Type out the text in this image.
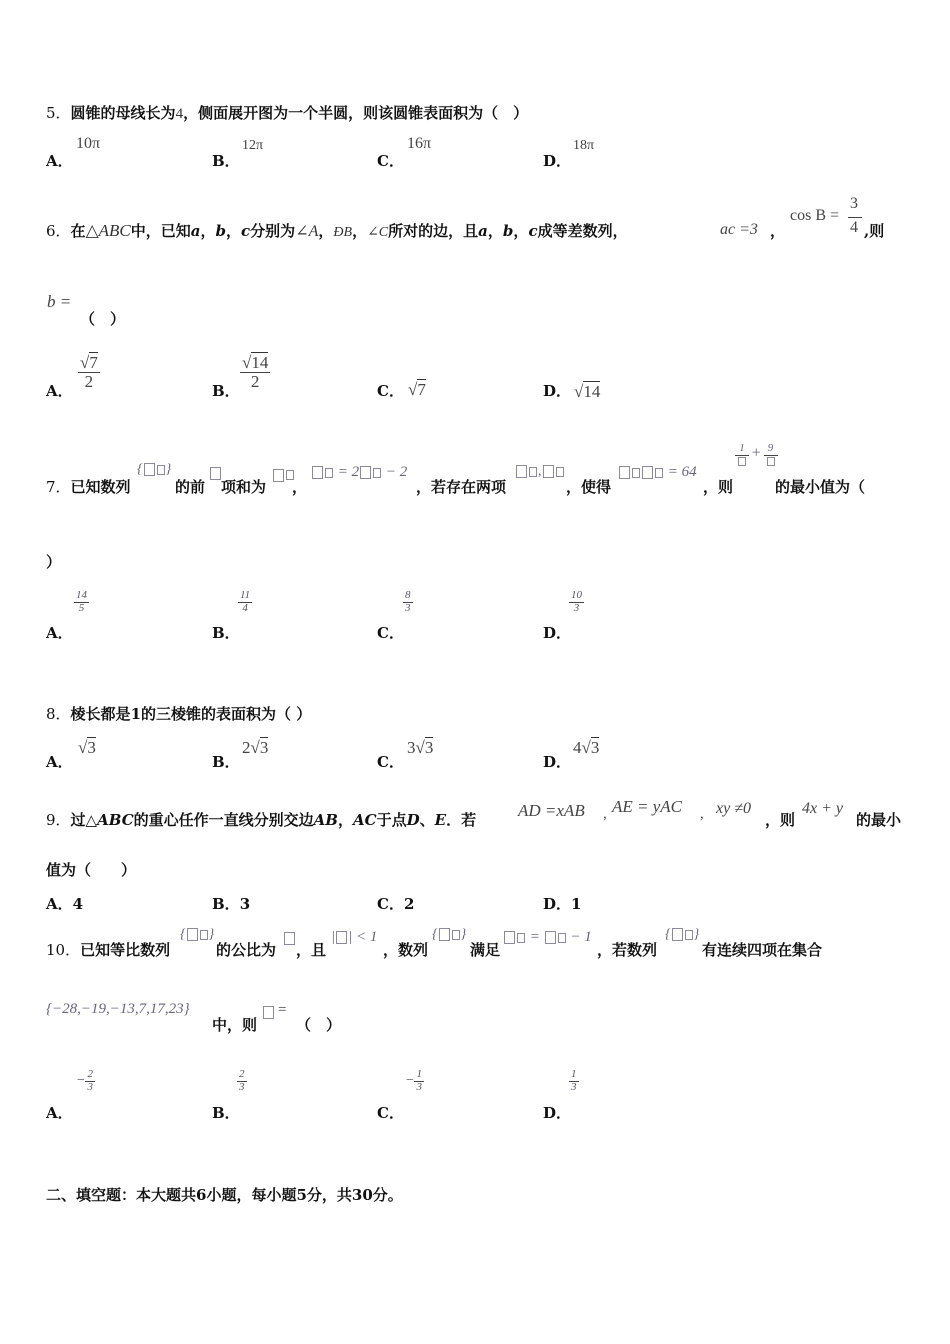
5．圆锥的母线长为4，侧面展开图为一个半圆，则该圆锥表面积为（　）
A．
10π
B．
12π
C．
16π
D．
18π
6．在△ABC中，已知a，b，c分别为∠A，ÐB，∠C所对的边，且a，b，c成等差数列，	ac =3 ，
cos B =
3
4 ,则
b =
（　）
A．
$\frac{√7}{2}$
B．
$\frac{√14}{2}$
C． √7	D． √14
7．已知数列
{ }
的前 项和为 ，
= 2 − 2
，若存在两项
,
，使得
= 64
，则
1 + 9
的最小值为（
）
A．
$\frac{14}{5}$
B．
$\frac{11}{4}$
C．
$\frac{8}{3}$
D．
$\frac{10}{3}$
8．棱长都是1的三棱锥的表面积为（ ）
A．
√3
B．
2√3
C．
3√3
D．
4√3
9．过△ABC的重心任作一直线分别交边AB，AC于点D、E．若 AD =xAB , AE = yAC , xy ≠0
，则
4x + y
的最小
值为（　　）
A．4	B．3	C．2	D．1
10．已知等比数列
{ }
的公比为 ，且
| | < 1
，数列
{ }
满足
= − 1
，若数列
{ }
有连续四项在集合
{−28,−19,−13,7,17,23}
中，则
=
（　）
A．
− $\frac{2}{3}$
B．
$\frac{2}{3}$
C．
− $\frac{1}{3}$
D．
$\frac{1}{3}$
二、填空题：本大题共6小题，每小题5分，共30分。
